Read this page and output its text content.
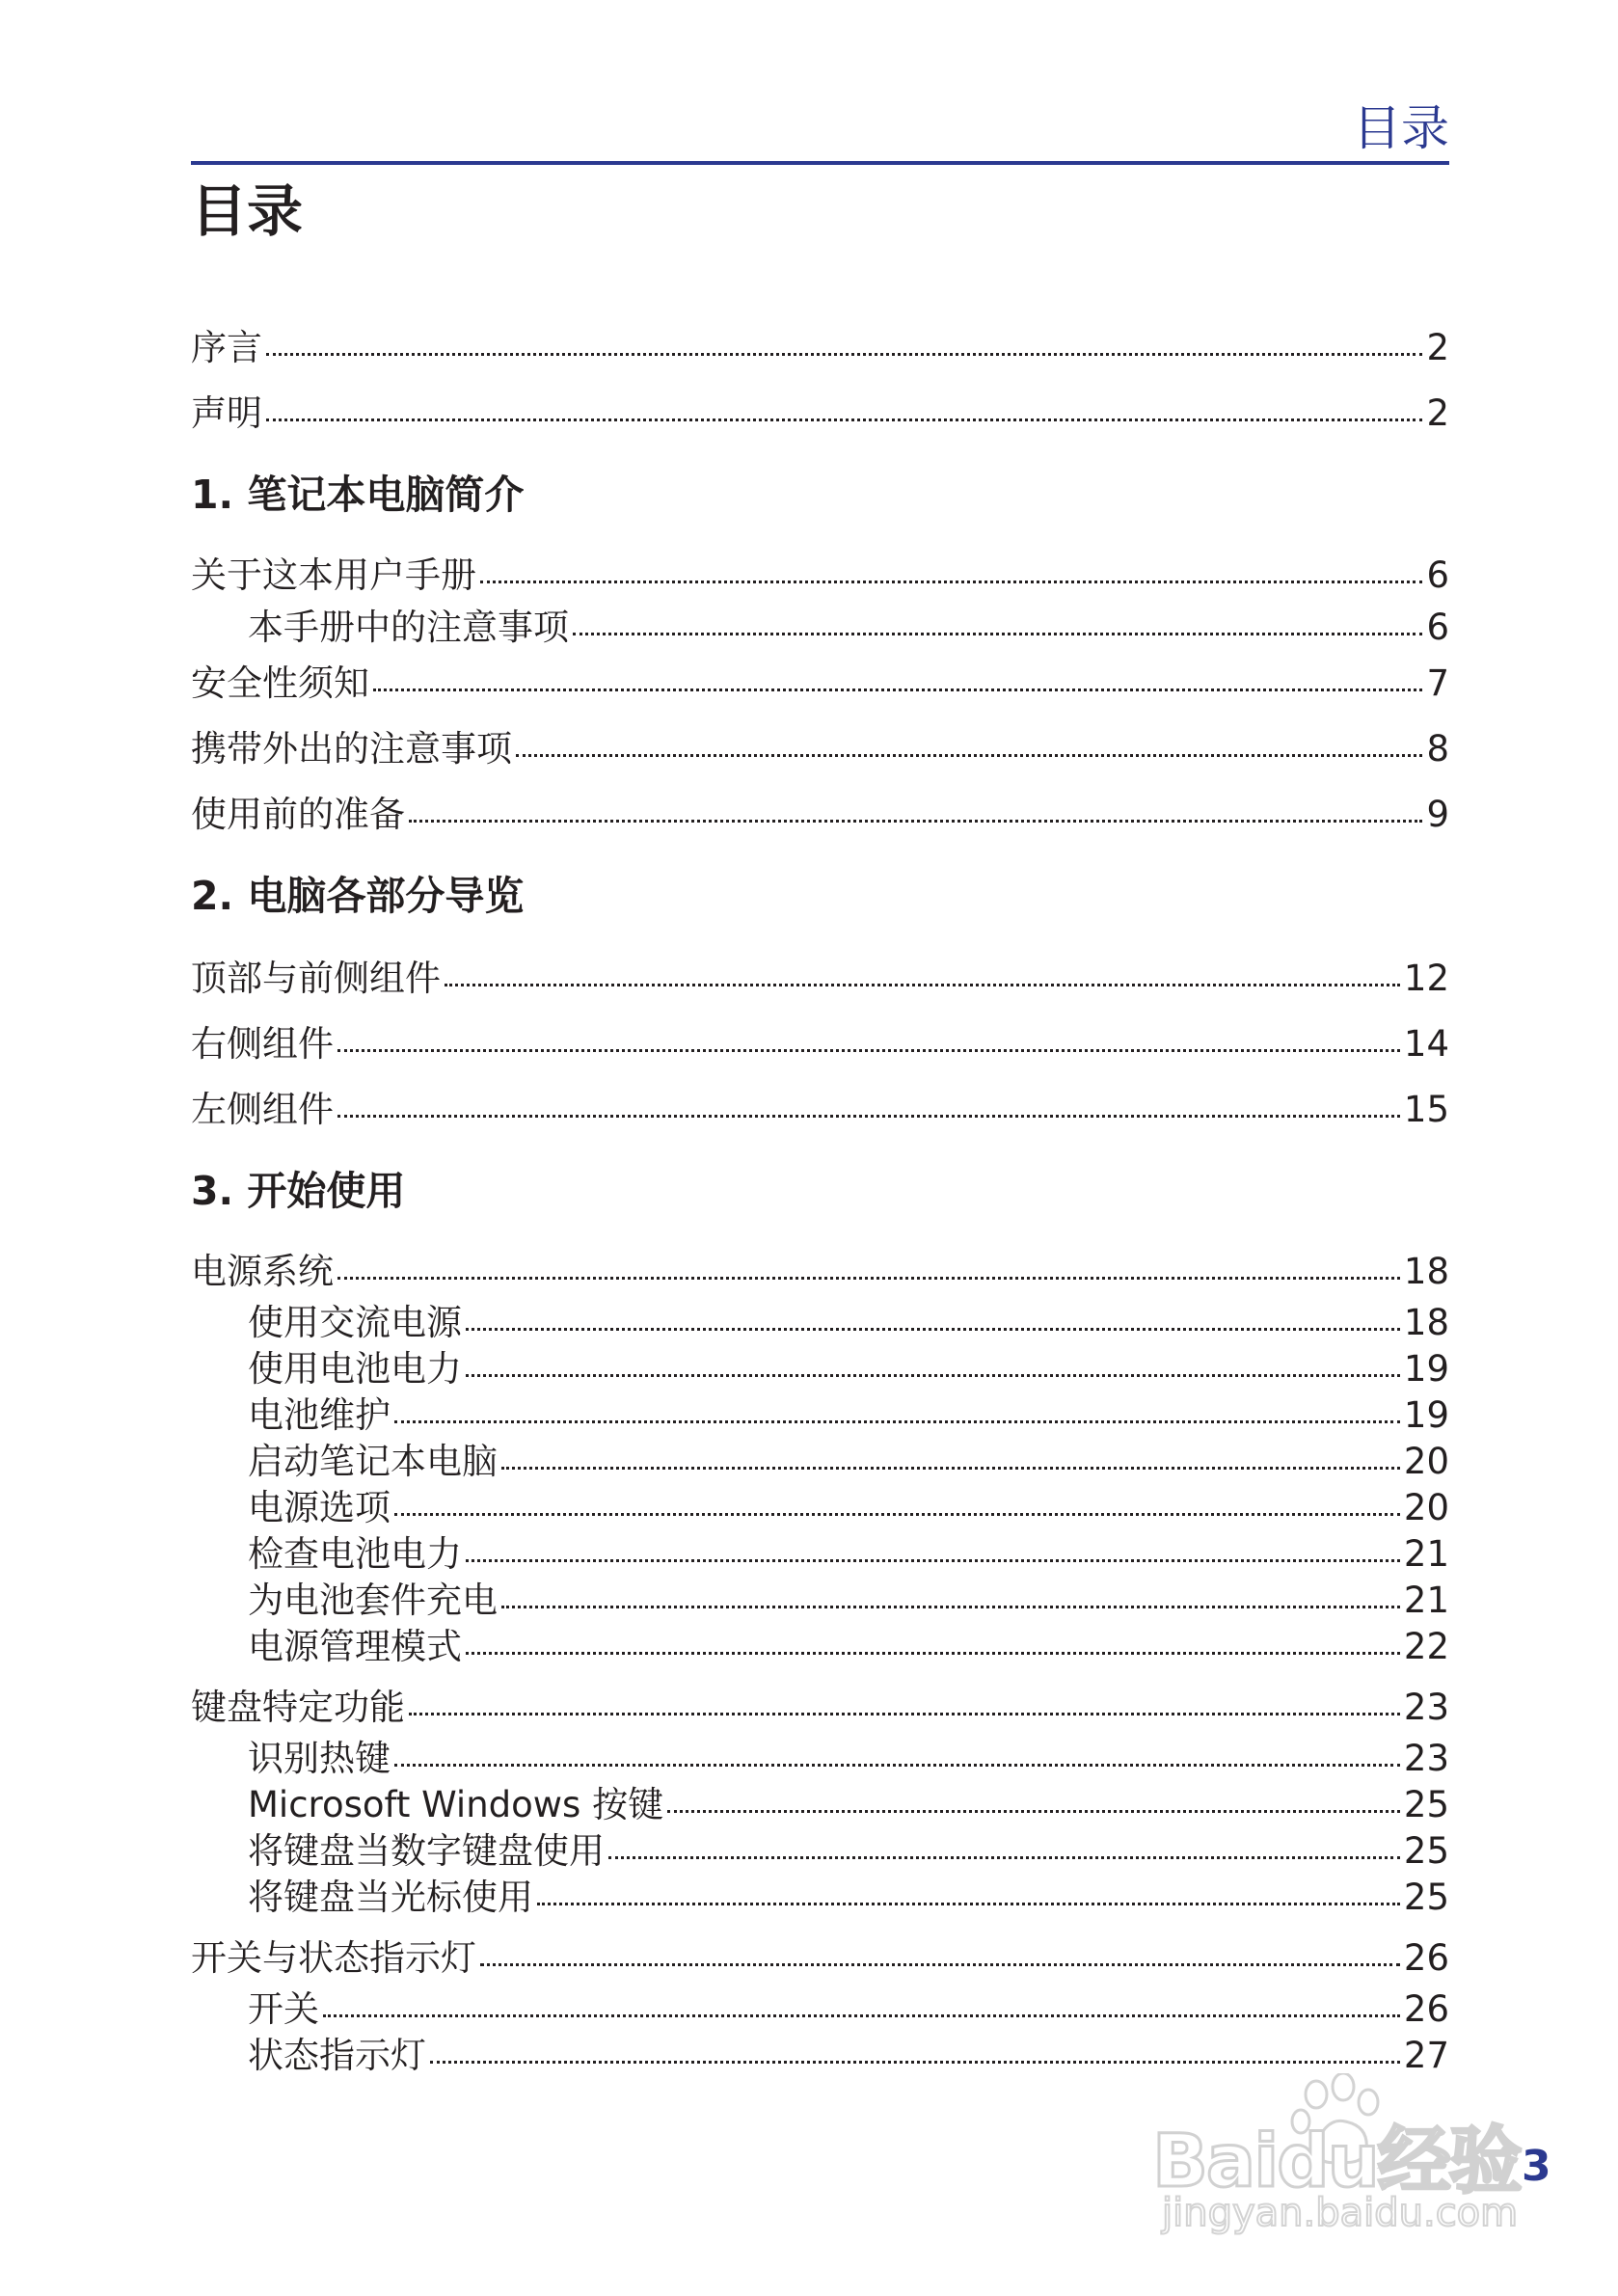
目录
目录
序言	2
声明	2
1. 笔记本电脑简介
关于这本用户手册	6
本手册中的注意事项	6
安全性须知	7
携带外出的注意事项	8
使用前的准备	9
2. 电脑各部分导览
顶部与前侧组件	12
右侧组件	14
左侧组件	15
3. 开始使用
电源系统	18
使用交流电源	18
使用电池电力	19
电池维护	19
启动笔记本电脑	20
电源选项	20
检查电池电力	21
为电池套件充电	21
电源管理模式	22
键盘特定功能	23
识别热键	23
Microsoft Windows 按键	25
将键盘当数字键盘使用	25
将键盘当光标使用	25
开关与状态指示灯	26
开关	26
状态指示灯	27
Baidu经验
jingyan.baidu.com
3
